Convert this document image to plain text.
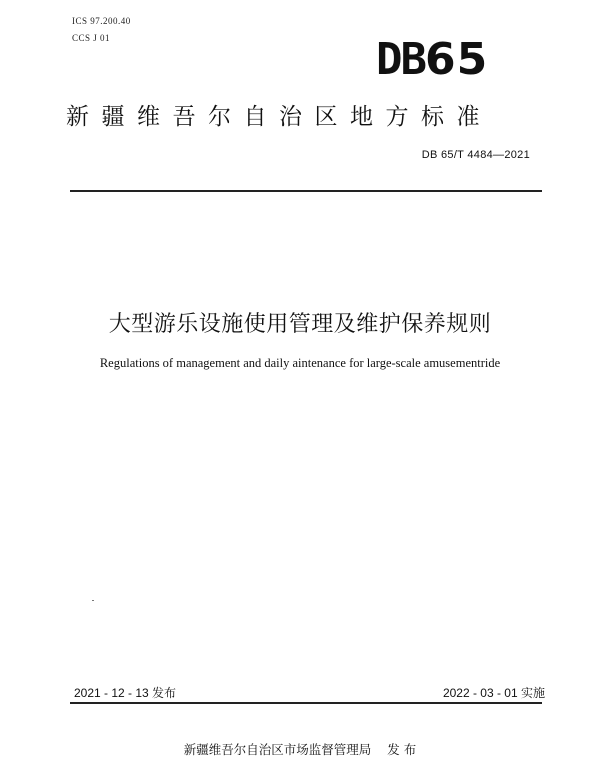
ICS 97.200.40
CCS J 01	DB65
新疆维吾尔自治区地方标准
DB 65/T 4484—2021
大型游乐设施使用管理及维护保养规则
Regulations of management and daily aintenance for large-scale amusementride
2021 - 12 - 13 发布	2022 - 03 - 01 实施
新疆维吾尔自治区市场监督管理局 发 布
